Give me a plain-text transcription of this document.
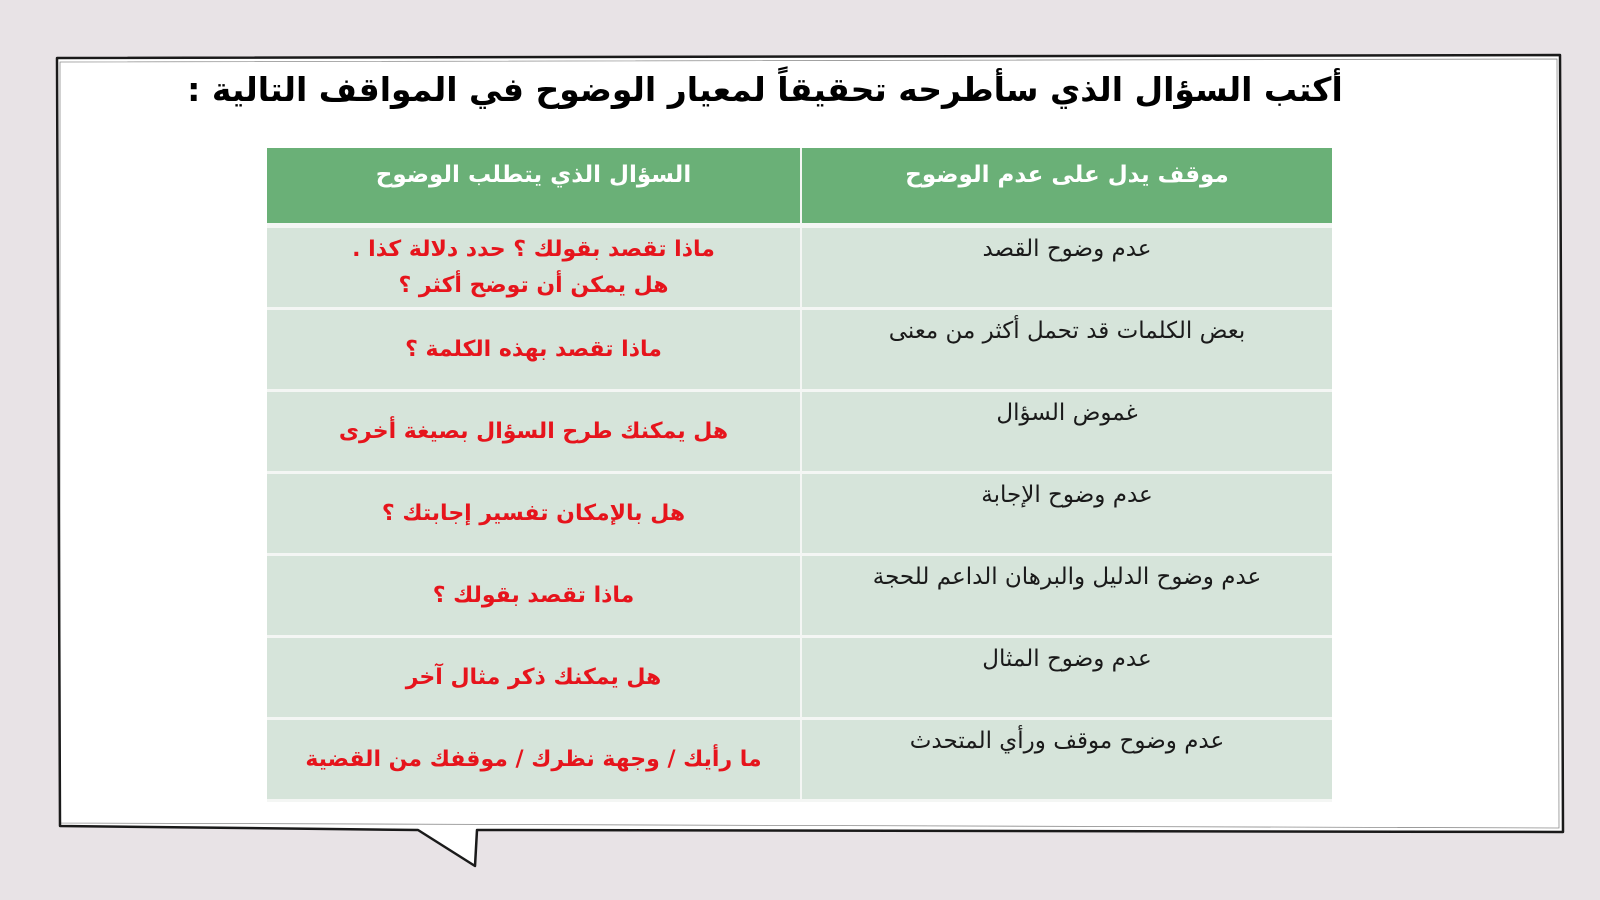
أكتب السؤال الذي سأطرحه تحقيقاً لمعيار الوضوح في المواقف التالية :
موقف يدل على عدم الوضوح
السؤال الذي يتطلب الوضوح
عدم وضوح القصد
ماذا تقصد بقولك ؟ حدد دلالة كذا .
هل يمكن أن توضح أكثر ؟
بعض الكلمات قد تحمل أكثر من معنى
ماذا تقصد بهذه الكلمة ؟
غموض السؤال
هل يمكنك طرح السؤال بصيغة أخرى
عدم وضوح الإجابة
هل بالإمكان تفسير إجابتك ؟
عدم وضوح الدليل والبرهان الداعم للحجة
ماذا تقصد بقولك ؟
عدم وضوح المثال
هل يمكنك ذكر مثال آخر
عدم وضوح موقف ورأي المتحدث
ما رأيك / وجهة نظرك / موقفك من القضية
